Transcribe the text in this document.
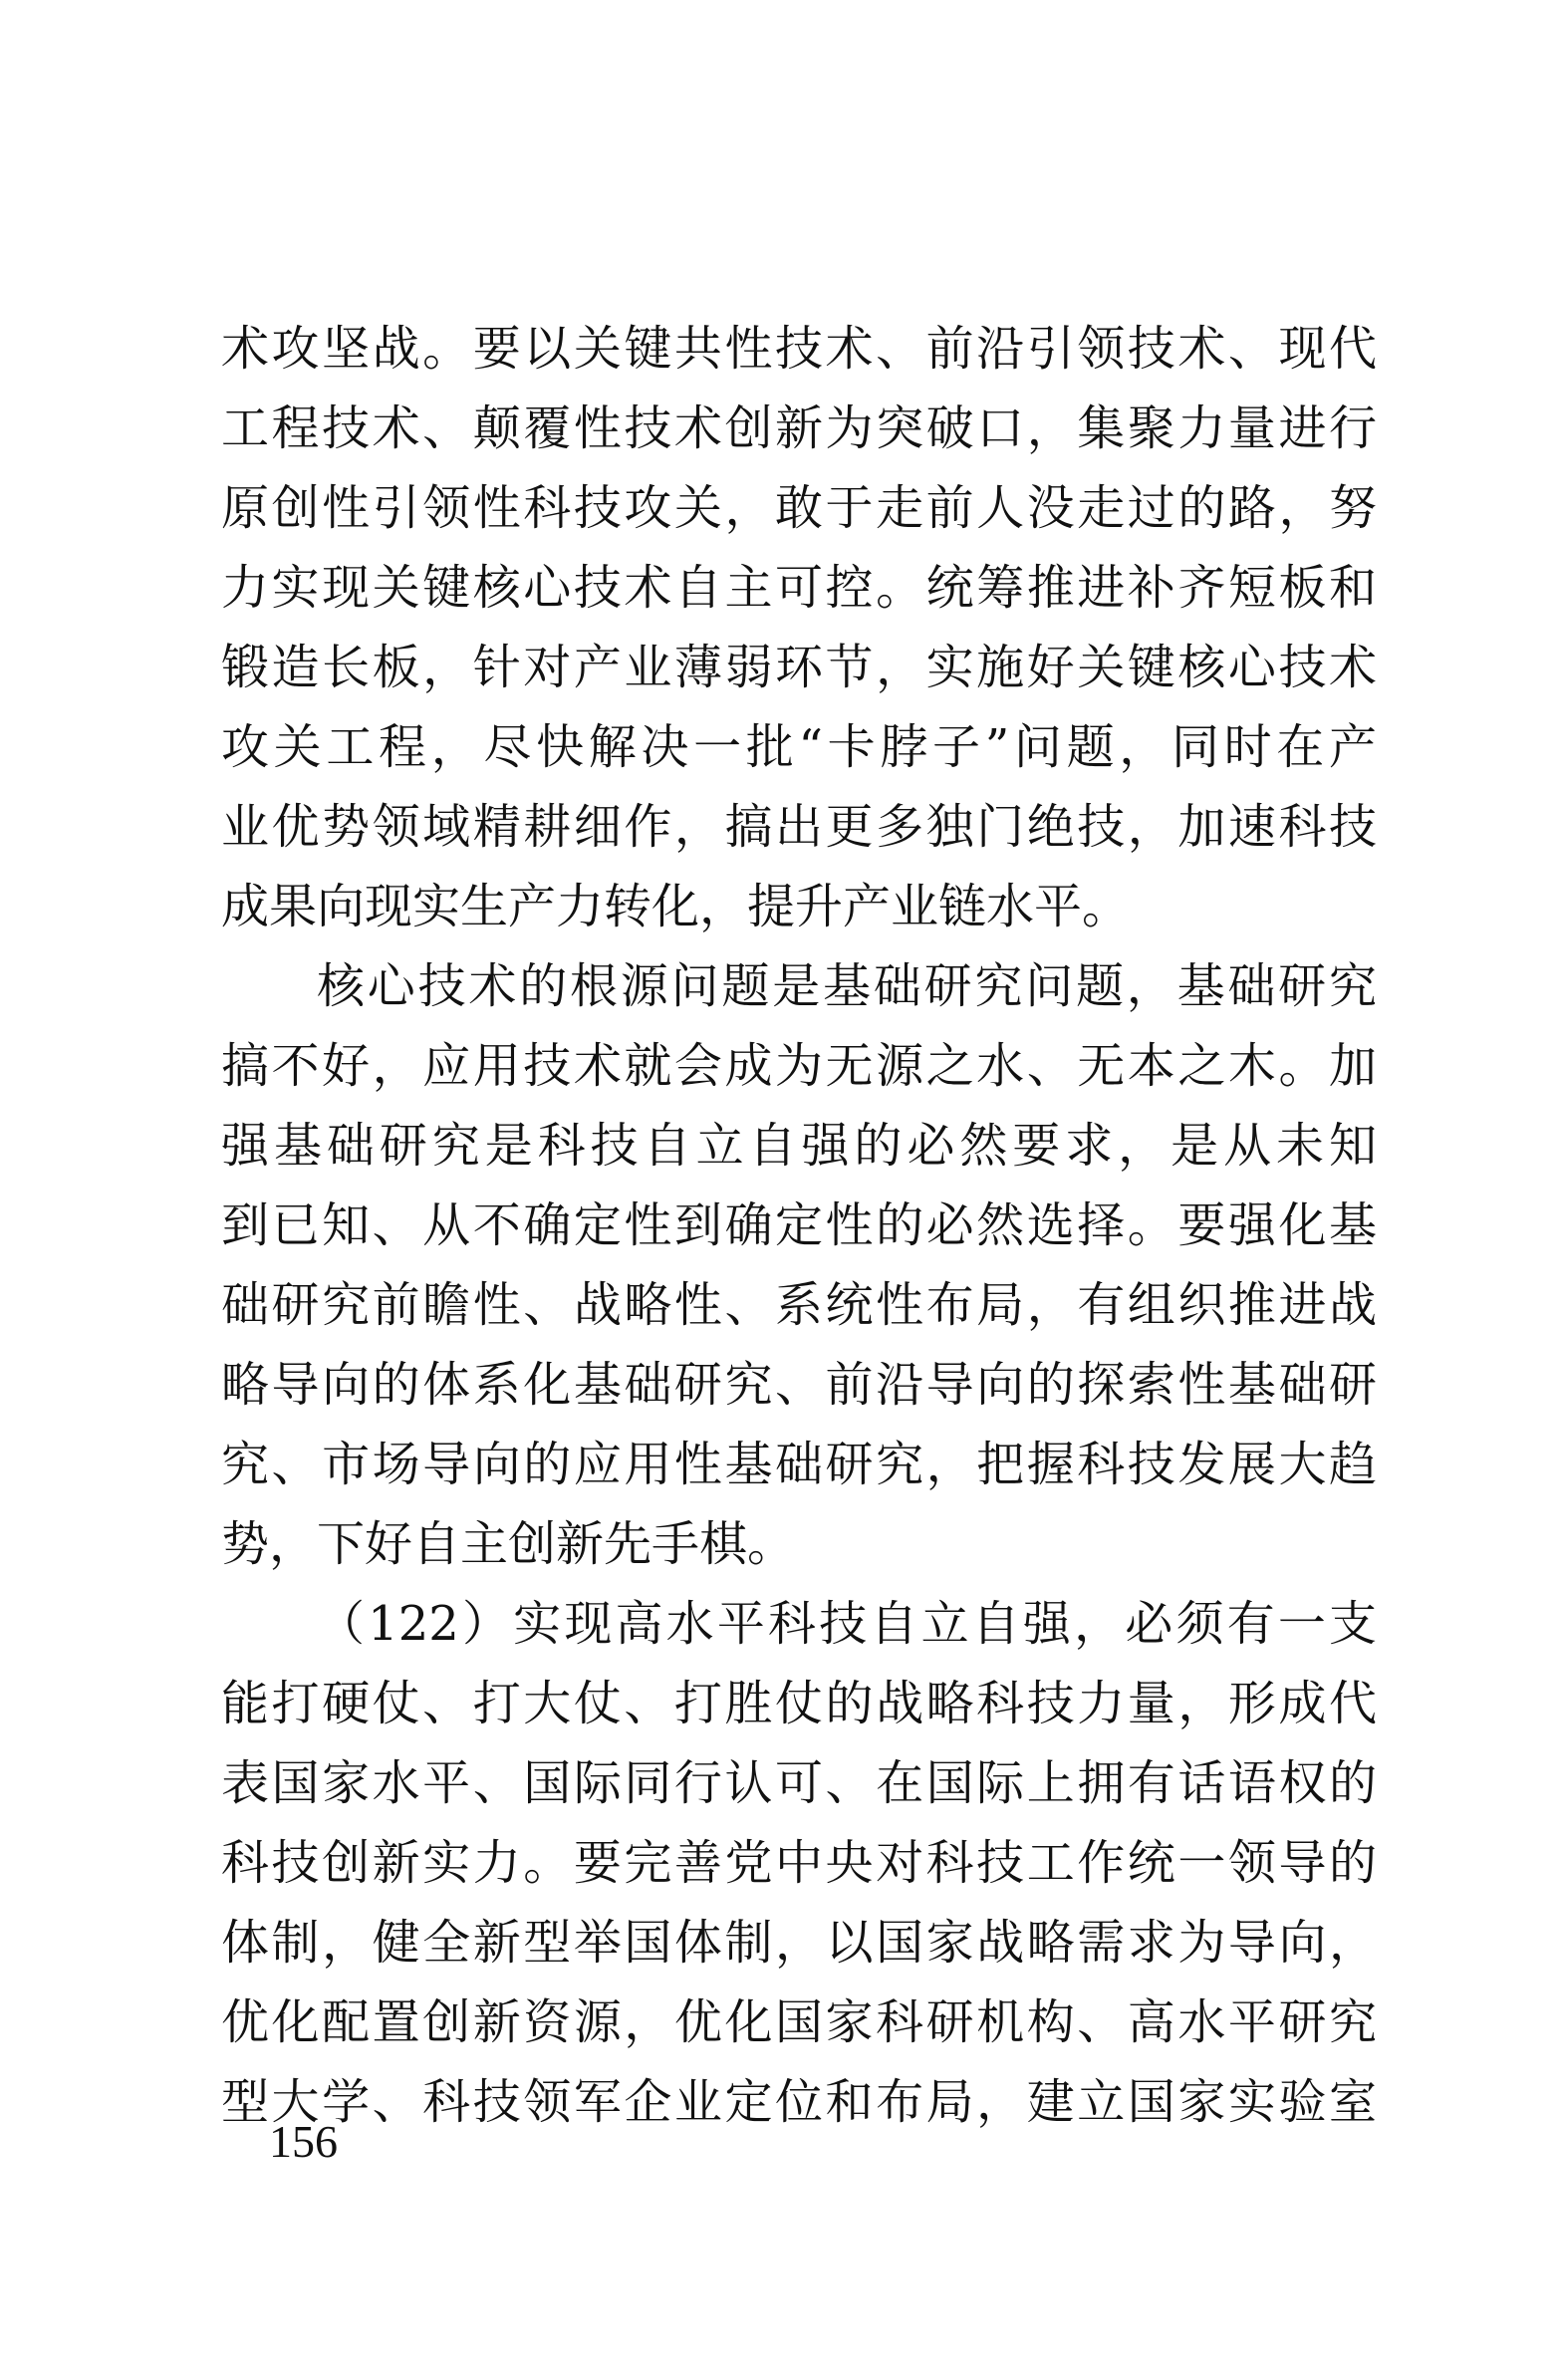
术攻坚战。要以关键共性技术、前沿引领技术、现代
工程技术、颠覆性技术创新为突破口，集聚力量进行
原创性引领性科技攻关，敢于走前人没走过的路，努
力实现关键核心技术自主可控。统筹推进补齐短板和
锻造长板，针对产业薄弱环节，实施好关键核心技术
攻关工程，尽快解决一批“卡脖子”问题，同时在产
业优势领域精耕细作，搞出更多独门绝技，加速科技
成果向现实生产力转化，提升产业链水平。
核心技术的根源问题是基础研究问题，基础研究
搞不好，应用技术就会成为无源之水、无本之木。加
强基础研究是科技自立自强的必然要求，是从未知
到已知、从不确定性到确定性的必然选择。要强化基
础研究前瞻性、战略性、系统性布局，有组织推进战
略导向的体系化基础研究、前沿导向的探索性基础研
究、市场导向的应用性基础研究，把握科技发展大趋
势，下好自主创新先手棋。
（122）实现高水平科技自立自强，必须有一支
能打硬仗、打大仗、打胜仗的战略科技力量，形成代
表国家水平、国际同行认可、在国际上拥有话语权的
科技创新实力。要完善党中央对科技工作统一领导的
体制，健全新型举国体制，以国家战略需求为导向，
优化配置创新资源，优化国家科研机构、高水平研究
型大学、科技领军企业定位和布局，建立国家实验室
156
